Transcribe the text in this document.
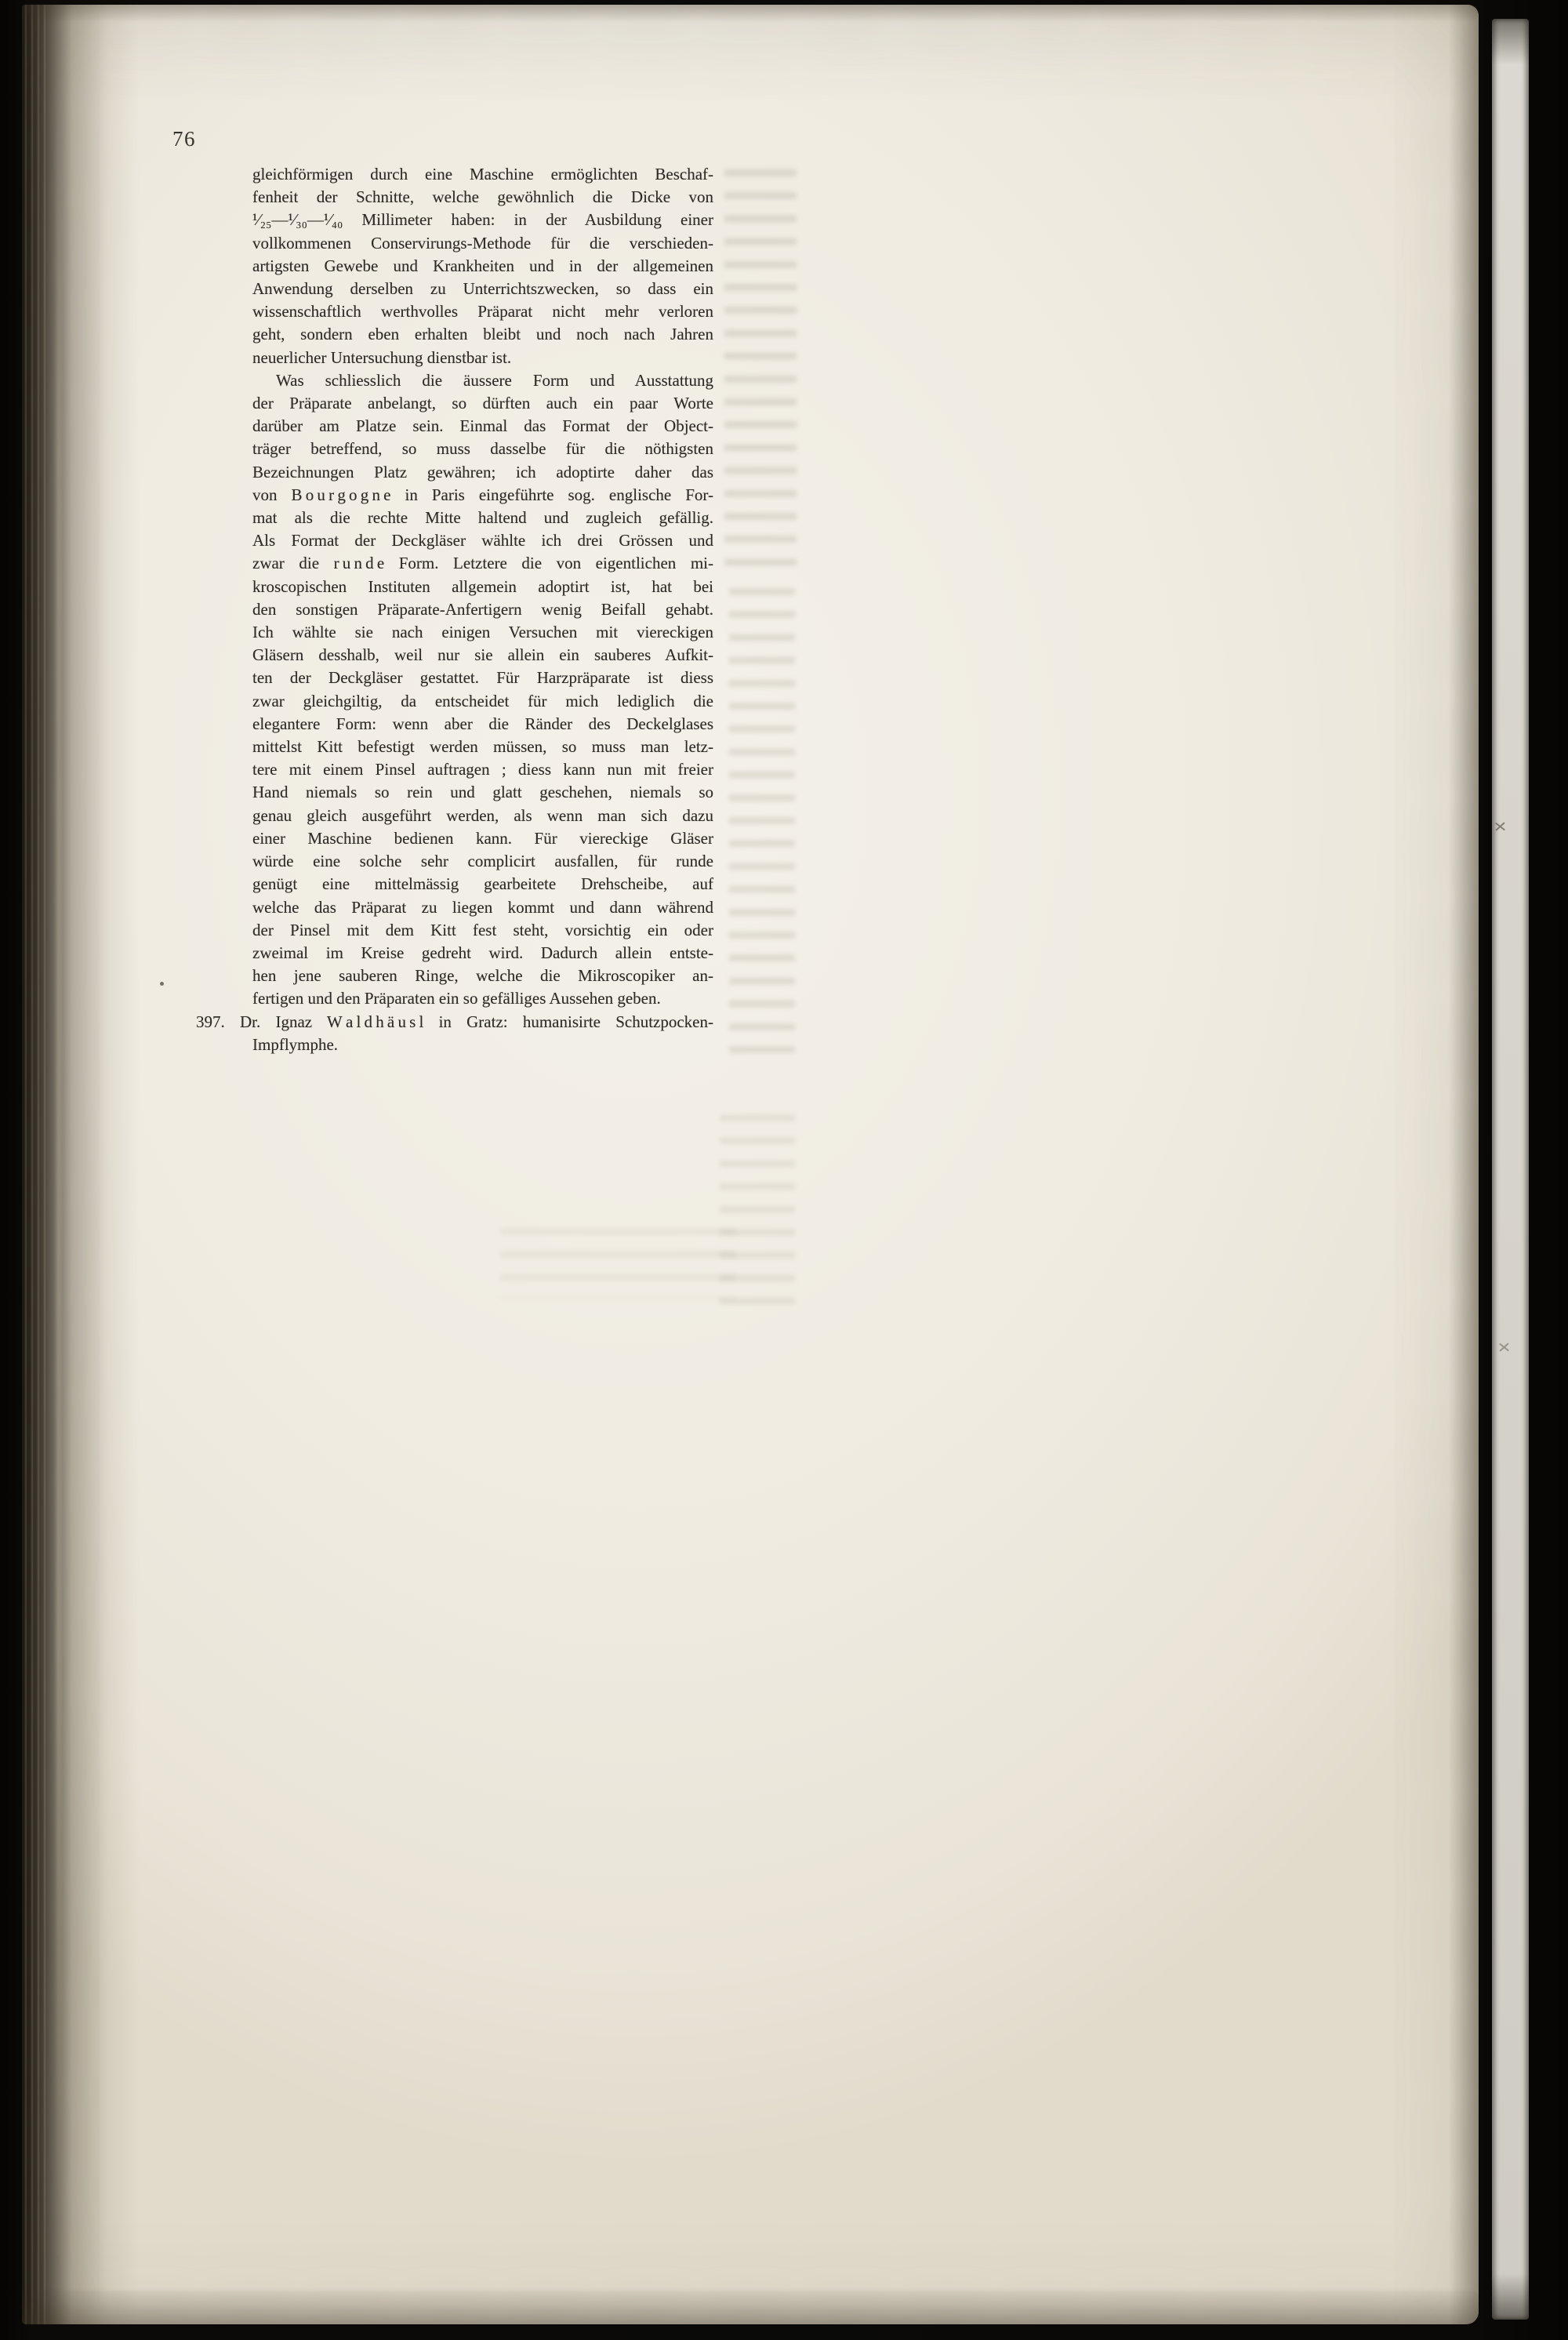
76
gleichförmigen durch eine Maschine ermöglichten Beschaf-
fenheit der Schnitte, welche gewöhnlich die Dicke von
¹⁄₂₅—¹⁄₃₀—¹⁄₄₀ Millimeter haben: in der Ausbildung einer
vollkommenen Conservirungs-Methode für die verschieden-
artigsten Gewebe und Krankheiten und in der allgemeinen
Anwendung derselben zu Unterrichtszwecken, so dass ein
wissenschaftlich werthvolles Präparat nicht mehr verloren
geht, sondern eben erhalten bleibt und noch nach Jahren
neuerlicher Untersuchung dienstbar ist.
Was schliesslich die äussere Form und Ausstattung
der Präparate anbelangt, so dürften auch ein paar Worte
darüber am Platze sein. Einmal das Format der Object-
träger betreffend, so muss dasselbe für die nöthigsten
Bezeichnungen Platz gewähren; ich adoptirte daher das
von B o u r g o g n e in Paris eingeführte sog. englische For-
mat als die rechte Mitte haltend und zugleich gefällig.
Als Format der Deckgläser wählte ich drei Grössen und
zwar die r u n d e Form. Letztere die von eigentlichen mi-
kroscopischen Instituten allgemein adoptirt ist, hat bei
den sonstigen Präparate-Anfertigern wenig Beifall gehabt.
Ich wählte sie nach einigen Versuchen mit viereckigen
Gläsern desshalb, weil nur sie allein ein sauberes Aufkit-
ten der Deckgläser gestattet. Für Harzpräparate ist diess
zwar gleichgiltig, da entscheidet für mich lediglich die
elegantere Form: wenn aber die Ränder des Deckelglases
mittelst Kitt befestigt werden müssen, so muss man letz-
tere mit einem Pinsel auftragen ; diess kann nun mit freier
Hand niemals so rein und glatt geschehen, niemals so
genau gleich ausgeführt werden, als wenn man sich dazu
einer Maschine bedienen kann. Für viereckige Gläser
würde eine solche sehr complicirt ausfallen, für runde
genügt eine mittelmässig gearbeitete Drehscheibe, auf
welche das Präparat zu liegen kommt und dann während
der Pinsel mit dem Kitt fest steht, vorsichtig ein oder
zweimal im Kreise gedreht wird. Dadurch allein entste-
hen jene sauberen Ringe, welche die Mikroscopiker an-
fertigen und den Präparaten ein so gefälliges Aussehen geben.
397. Dr. Ignaz W a l d h ä u s l in Gratz: humanisirte Schutzpocken-
Impflymphe.
